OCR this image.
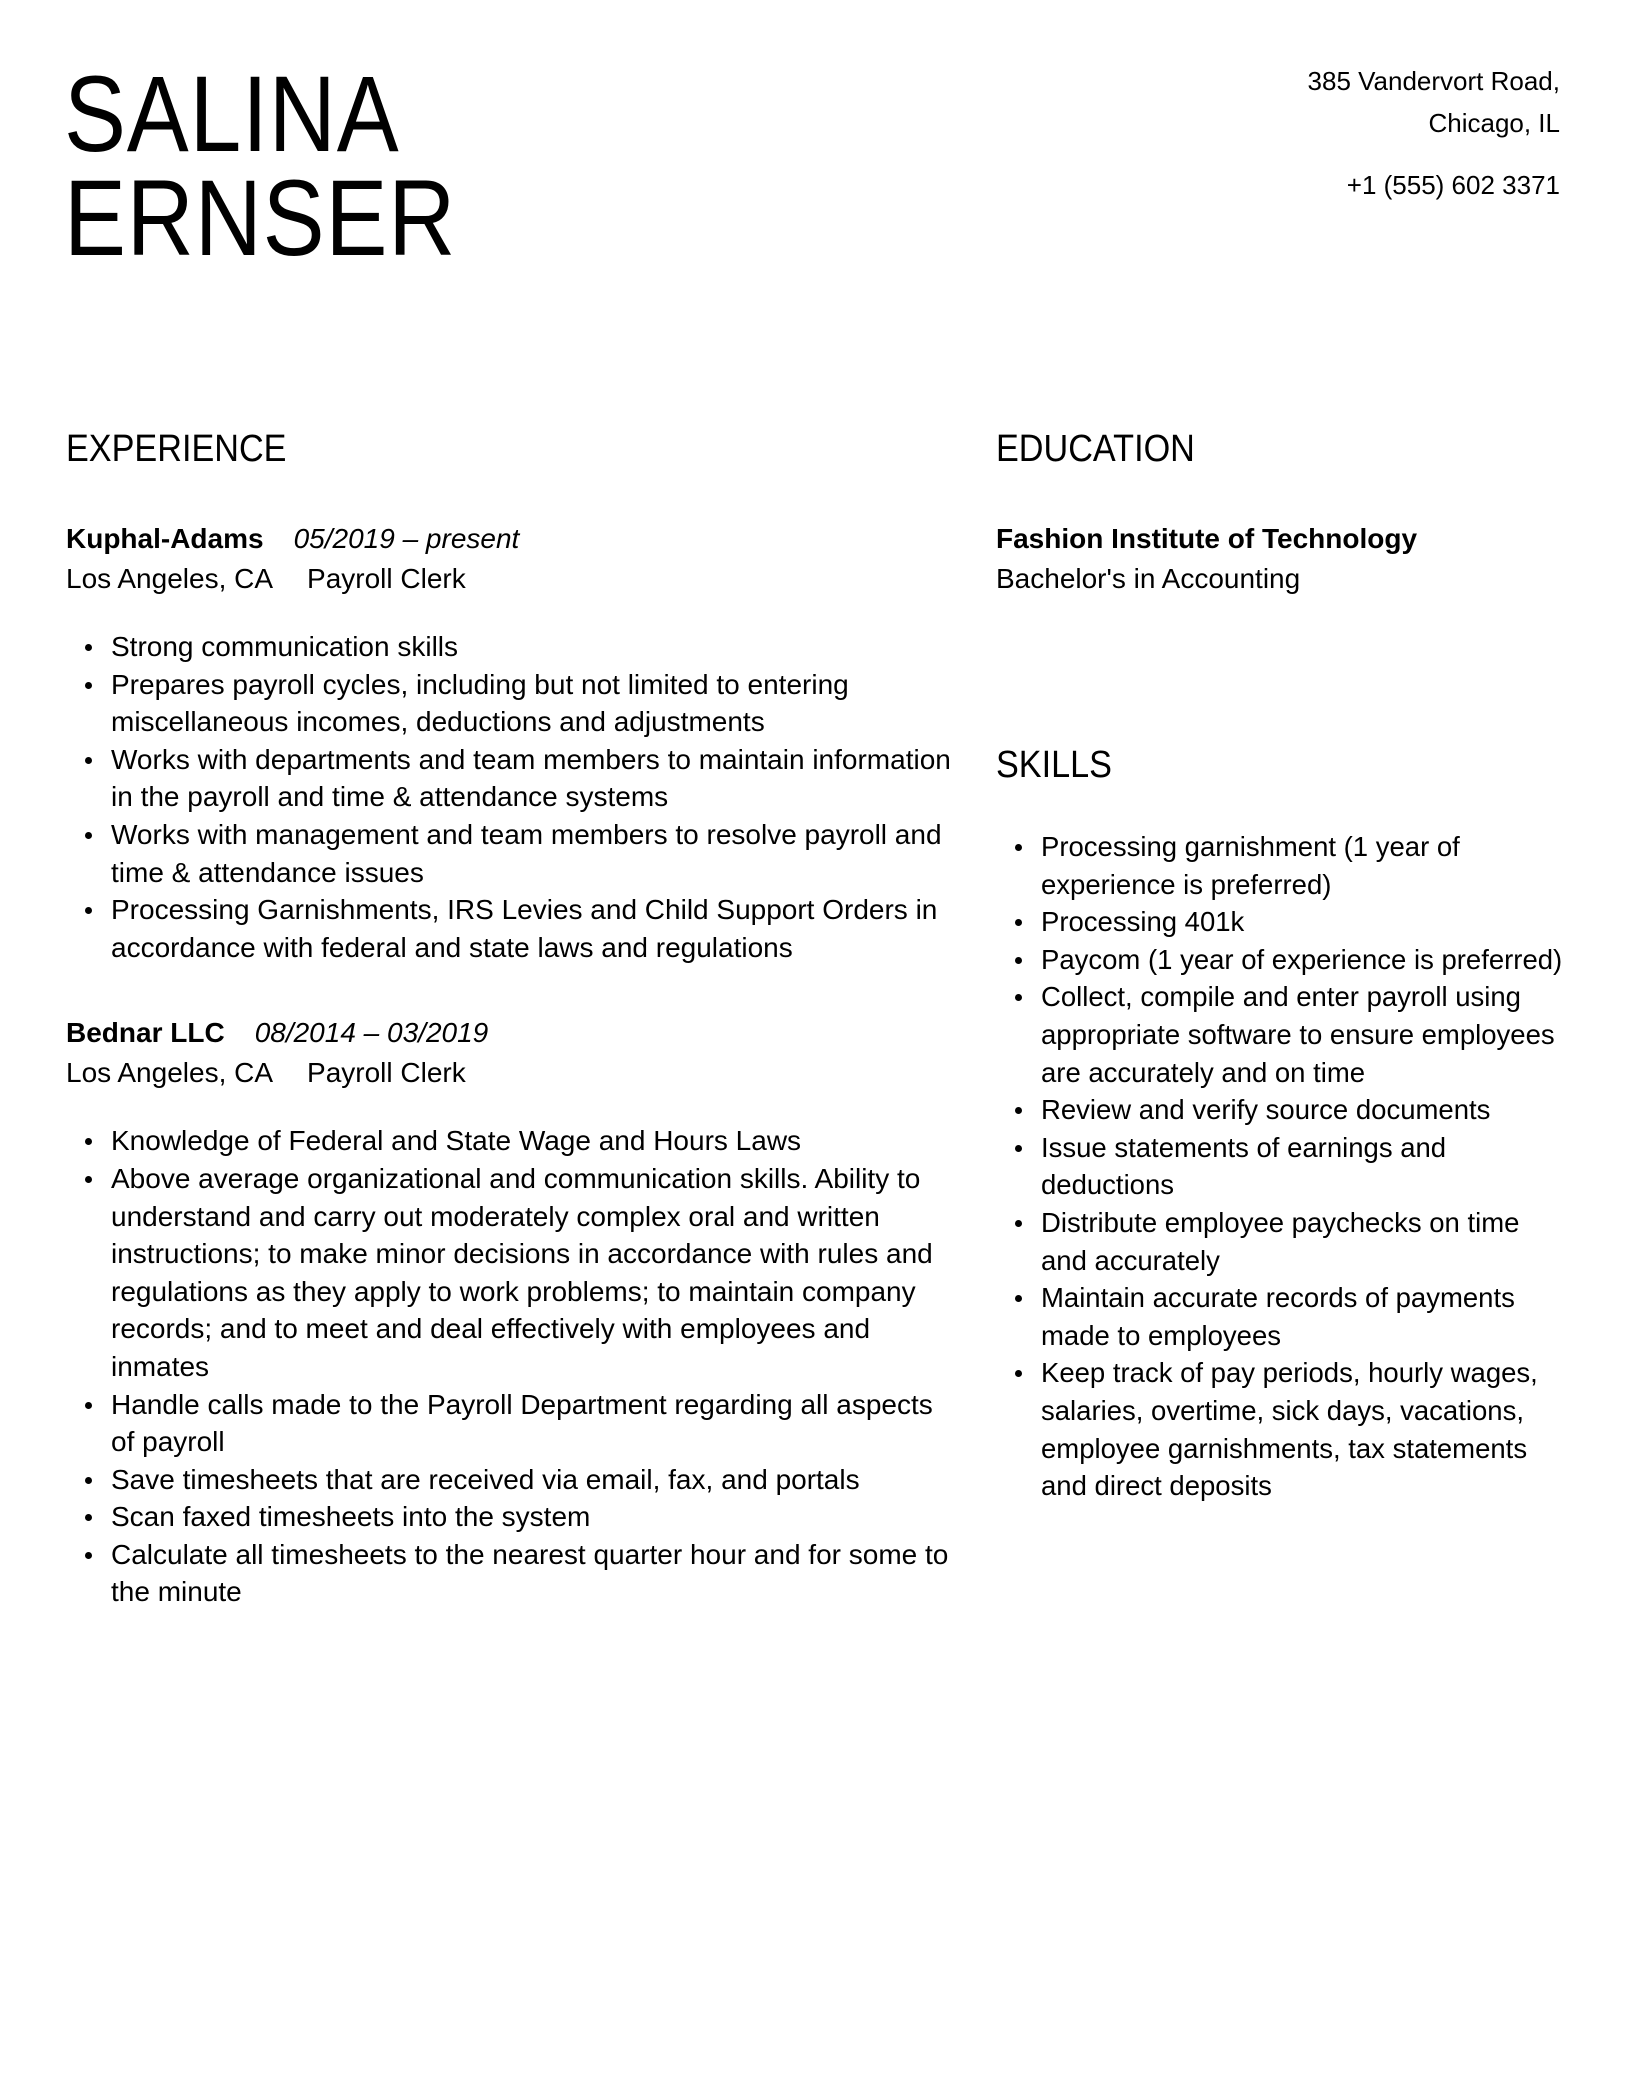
SALINA
ERNSER
385 Vandervort Road,
Chicago, IL
+1 (555) 602 3371
EXPERIENCE
Kuphal-Adams 05/2019 – present
Los Angeles, CA Payroll Clerk
Strong communication skills
Prepares payroll cycles, including but not limited to entering miscellaneous incomes, deductions and adjustments
Works with departments and team members to maintain information in the payroll and time & attendance systems
Works with management and team members to resolve payroll and time & attendance issues
Processing Garnishments, IRS Levies and Child Support Orders in accordance with federal and state laws and regulations
Bednar LLC 08/2014 – 03/2019
Los Angeles, CA Payroll Clerk
Knowledge of Federal and State Wage and Hours Laws
Above average organizational and communication skills. Ability to understand and carry out moderately complex oral and written instructions; to make minor decisions in accordance with rules and regulations as they apply to work problems; to maintain company records; and to meet and deal effectively with employees and inmates
Handle calls made to the Payroll Department regarding all aspects of payroll
Save timesheets that are received via email, fax, and portals
Scan faxed timesheets into the system
Calculate all timesheets to the nearest quarter hour and for some to the minute
EDUCATION
Fashion Institute of Technology
Bachelor's in Accounting
SKILLS
Processing garnishment (1 year of experience is preferred)
Processing 401k
Paycom (1 year of experience is preferred)
Collect, compile and enter payroll using appropriate software to ensure employees are accurately and on time
Review and verify source documents
Issue statements of earnings and deductions
Distribute employee paychecks on time and accurately
Maintain accurate records of payments made to employees
Keep track of pay periods, hourly wages, salaries, overtime, sick days, vacations, employee garnishments, tax statements and direct deposits
